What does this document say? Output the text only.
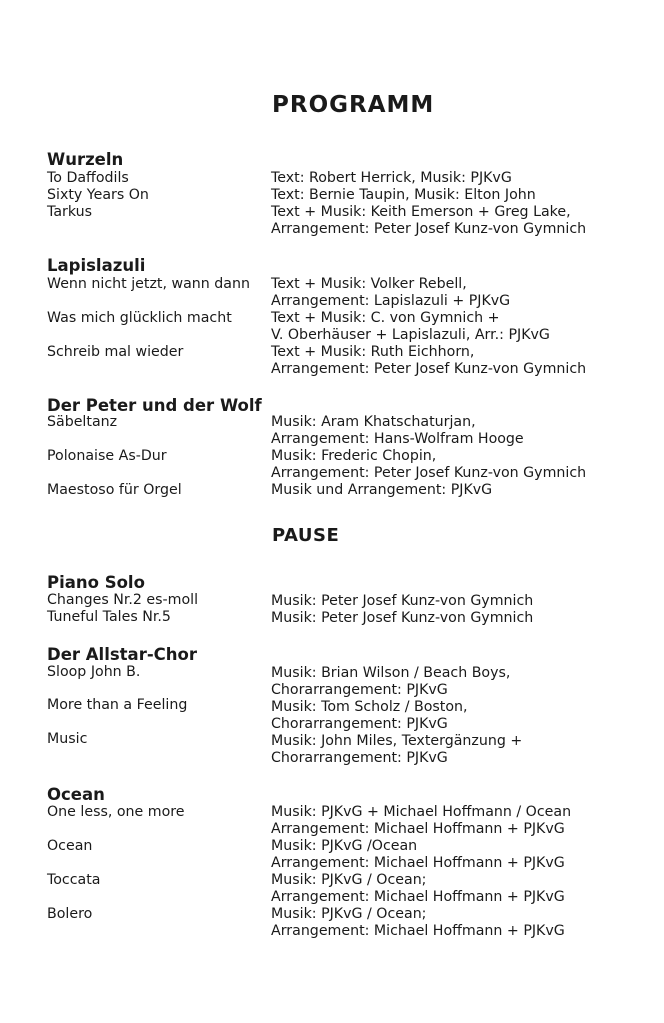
PROGRAMM
Wurzeln
To Daffodils
Sixty Years On
Tarkus
Text: Robert Herrick, Musik: PJKvG
Text: Bernie Taupin, Musik: Elton John
Text + Musik: Keith Emerson + Greg Lake,
Arrangement: Peter Josef Kunz-von Gymnich
Lapislazuli
Wenn nicht jetzt, wann dann
Was mich glücklich macht
Schreib mal wieder
Text + Musik: Volker Rebell,
Arrangement: Lapislazuli + PJKvG
Text + Musik: C. von Gymnich +
V. Oberhäuser + Lapislazuli, Arr.: PJKvG
Text + Musik: Ruth Eichhorn,
Arrangement: Peter Josef Kunz-von Gymnich
Der Peter und der Wolf
Säbeltanz
Polonaise As-Dur
Maestoso für Orgel
Musik: Aram Khatschaturjan,
Arrangement: Hans-Wolfram Hooge
Musik: Frederic Chopin,
Arrangement: Peter Josef Kunz-von Gymnich
Musik und Arrangement: PJKvG
PAUSE
Piano Solo
Changes Nr.2 es-moll
Tuneful Tales Nr.5
Musik: Peter Josef Kunz-von Gymnich
Musik: Peter Josef Kunz-von Gymnich
Der Allstar-Chor
Sloop John B.
More than a Feeling
Music
Musik: Brian Wilson / Beach Boys,
Chorarrangement: PJKvG
Musik: Tom Scholz / Boston,
Chorarrangement: PJKvG
Musik: John Miles, Textergänzung +
Chorarrangement: PJKvG
Ocean
One less, one more
Ocean
Toccata
Bolero
Musik: PJKvG + Michael Hoffmann / Ocean
Arrangement: Michael Hoffmann + PJKvG
Musik: PJKvG /Ocean
Arrangement: Michael Hoffmann + PJKvG
Musik: PJKvG / Ocean;
Arrangement: Michael Hoffmann + PJKvG
Musik: PJKvG / Ocean;
Arrangement: Michael Hoffmann + PJKvG
